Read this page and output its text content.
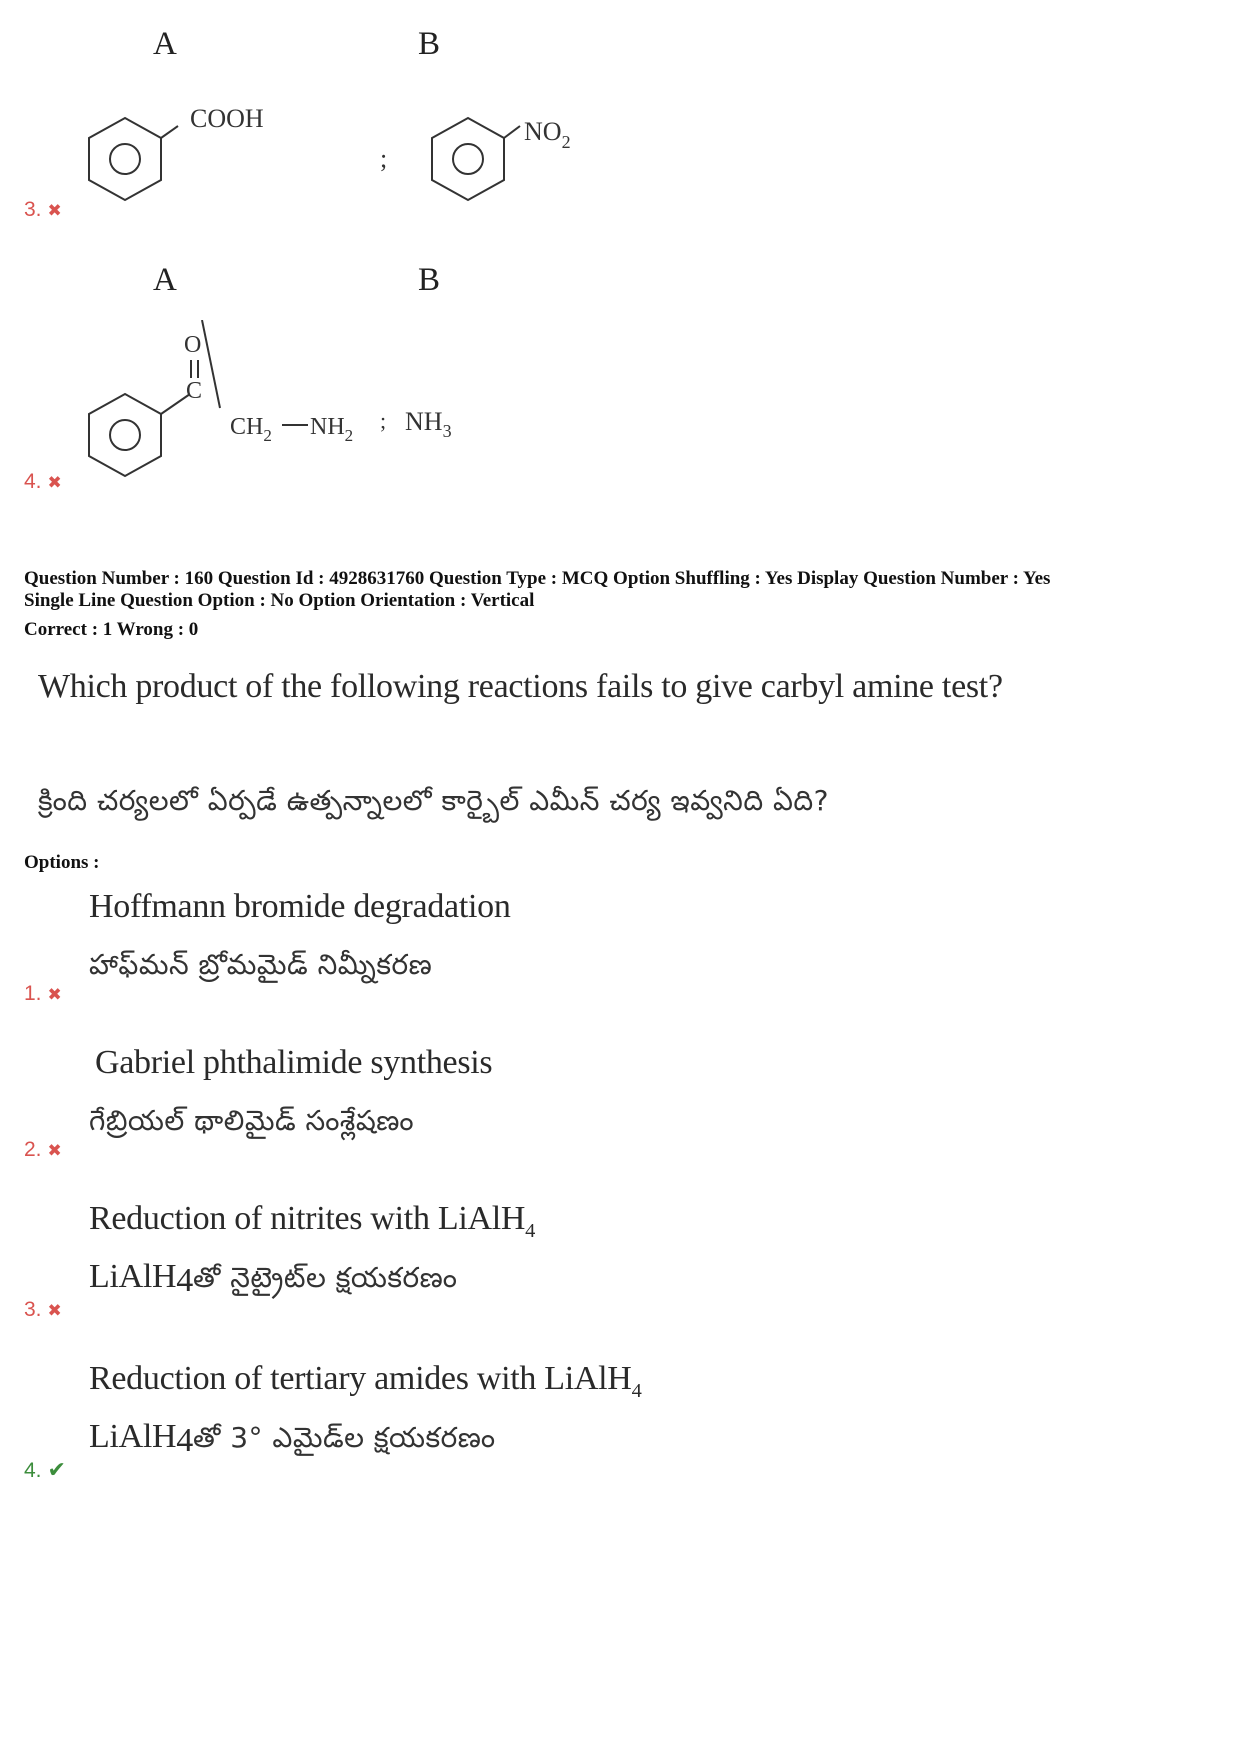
A	B
COOH
;
$NO_2$
3. ✖
A	B
O
C
$CH_2$ $NH_2$
; $NH_3$
4. ✖
Question Number : 160 Question Id : 4928631760 Question Type : MCQ Option Shuffling : Yes Display Question Number : Yes
Single Line Question Option : No Option Orientation : Vertical
Correct : 1 Wrong : 0
Which product of the following reactions fails to give carbyl amine test?
క్రింది చర్యలలో ఏర్పడే ఉత్పన్నాలలో కార్బైల్ ఎమీన్ చర్య ఇవ్వనిది ఏది?
Options :
Hoffmann bromide degradation
హాఫ్‌మన్ బ్రోమమైడ్ నిమ్నీకరణ
1. ✖
Gabriel phthalimide synthesis
గేబ్రియల్ థాలిమైడ్ సంశ్లేషణం
2. ✖
Reduction of nitrites with LiAlH$_4$
LiAlH$_4$తో నైట్రైట్‌ల క్షయకరణం
3. ✖
Reduction of tertiary amides with LiAlH$_4$
LiAlH$_4$తో 3° ఎమైడ్‌ల క్షయకరణం
4. ✔
